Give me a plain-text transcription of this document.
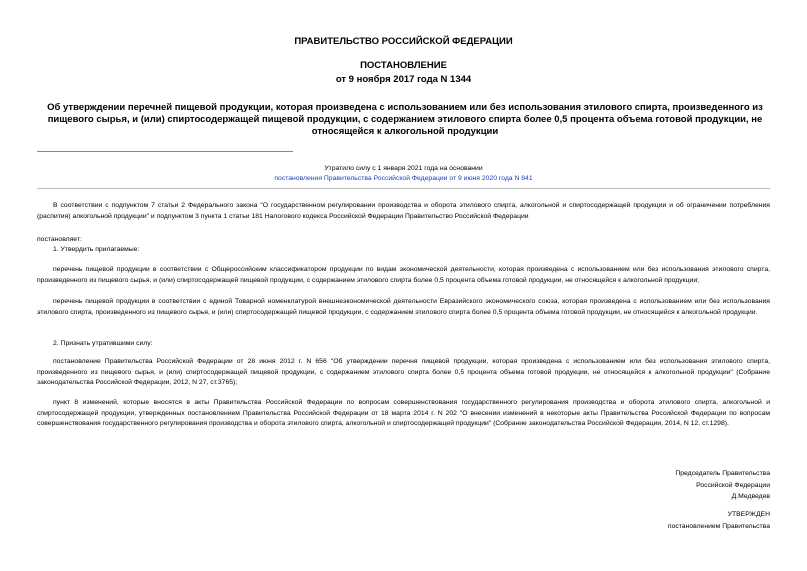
ПРАВИТЕЛЬСТВО РОССИЙСКОЙ ФЕДЕРАЦИИ
ПОСТАНОВЛЕНИЕ
от 9 ноября 2017 года N 1344
Об утверждении перечней пищевой продукции, которая произведена с использованием или без использования этилового спирта, произведенного из пищевого сырья, и (или) спиртосодержащей пищевой продукции, с содержанием этилового спирта более 0,5 процента объема готовой продукции, не относящейся к алкогольной продукции
Утратило силу с 1 января 2021 года на основании
постановления Правительства Российской Федерации от 9 июня 2020 года N 841
В соответствии с подпунктом 7 статьи 2 Федерального закона "О государственном регулировании производства и оборота этилового спирта, алкогольной и спиртосодержащей продукции и об ограничении потребления (распития) алкогольной продукции" и подпунктом 3 пункта 1 статьи 181 Налогового кодекса Российской Федерации Правительство Российской Федерации
постановляет:
1. Утвердить прилагаемые:
перечень пищевой продукции в соответствии с Общероссийским классификатором продукции по видам экономической деятельности, которая произведена с использованием или без использования этилового спирта, произведенного из пищевого сырья, и (или) спиртосодержащей пищевой продукции, с содержанием этилового спирта более 0,5 процента объема готовой продукции, не относящейся к алкогольной продукции;
перечень пищевой продукции в соответствии с единой Товарной номенклатурой внешнеэкономической деятельности Евразийского экономического союза, которая произведена с использованием или без использования этилового спирта, произведенного из пищевого сырья, и (или) спиртосодержащей пищевой продукции, с содержанием этилового спирта более 0,5 процента объема готовой продукции, не относящейся к алкогольной продукции.
2. Признать утратившими силу:
постановление Правительства Российской Федерации от 28 июня 2012 г. N 656 "Об утверждении перечня пищевой продукции, которая произведена с использованием или без использования этилового спирта, произведенного из пищевого сырья, и (или) спиртосодержащей пищевой продукции, с содержанием этилового спирта более 0,5 процента объема готовой продукции, не относящейся к алкогольной продукции" (Собрание законодательства Российской Федерации, 2012, N 27, ст.3765);
пункт 8 изменений, которые вносятся в акты Правительства Российской Федерации по вопросам совершенствования государственного регулирования производства и оборота этилового спирта, алкогольной и спиртосодержащей продукции, утвержденных постановлением Правительства Российской Федерации от 18 марта 2014 г. N 202 "О внесении изменений в некоторые акты Правительства Российской Федерации по вопросам совершенствования государственного регулирования производства и оборота этилового спирта, алкогольной и спиртосодержащей продукции" (Собрание законодательства Российской Федерации, 2014, N 12, ст.1298).
Председатель Правительства
Российской Федерации
Д.Медведев
УТВЕРЖДЕН
постановлением Правительства
